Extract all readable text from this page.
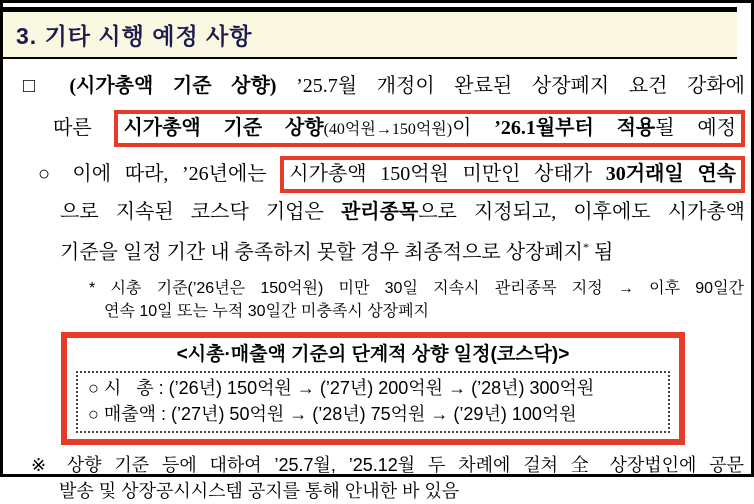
3. 기타 시행 예정 사항
□ (시가총액 기준 상향) ’25.7월 개정이 완료된 상장폐지 요건 강화에
따른 시가총액 기준 상향(40억원→150억원)이 ’26.1월부터 적용될 예정
○ 이에 따라, ’26년에는 시가총액 150억원 미만인 상태가 30거래일 연속
으로 지속된 코스닥 기업은 관리종목으로 지정되고, 이후에도 시가총액
기준을 일정 기간 내 충족하지 못할 경우 최종적으로 상장폐지* 됨
* 시총 기준(’26년은 150억원) 미만 30일 지속시 관리종목 지정 → 이후 90일간
연속 10일 또는 누적 30일간 미충족시 상장폐지
<시총·매출액 기준의 단계적 상향 일정(코스닥)>
○ 시   총 : (’26년) 150억원 → (’27년) 200억원 → (’28년) 300억원
○ 매출액 : (’27년) 50억원 → (’28년) 75억원 → (’29년) 100억원
※ 상향 기준 등에 대하여 ’25.7월, ’25.12월 두 차례에 걸쳐 全 상장법인에 공문
발송 및 상장공시시스템 공지를 통해 안내한 바 있음
